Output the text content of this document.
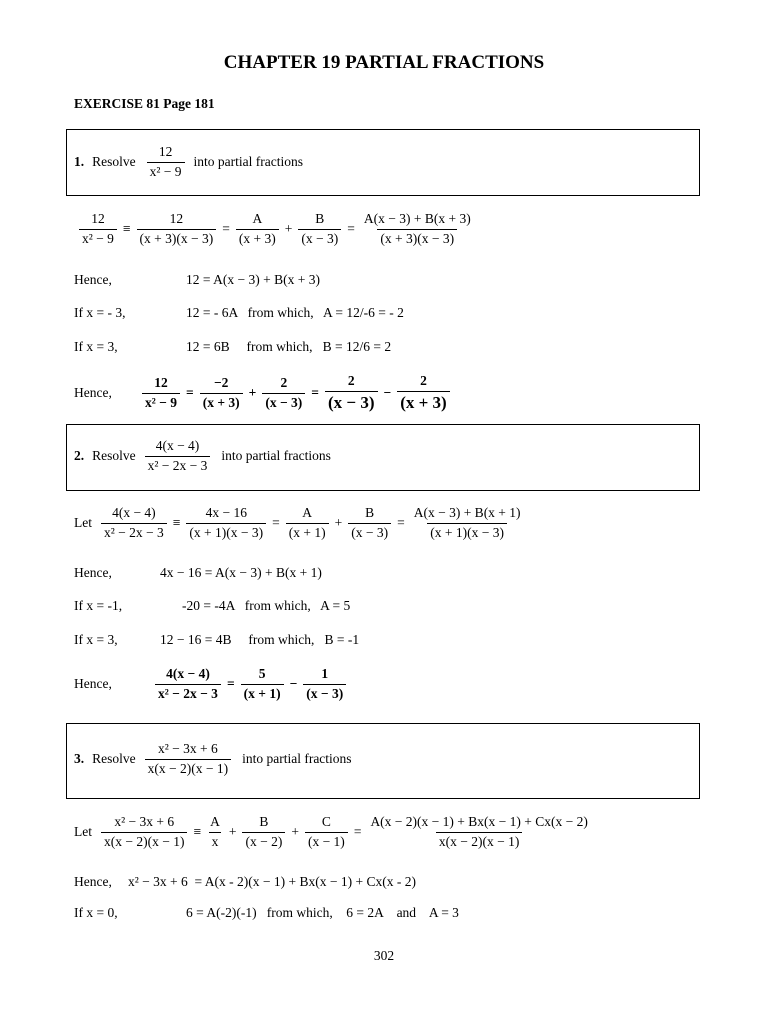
CHAPTER 19 PARTIAL FRACTIONS
EXERCISE 81 Page 181
1. Resolve $\frac{12}{\text{x² − 9}}$ into partial fractions
$\frac{12}{\text{x² − 9}} \equiv \frac{12}{(x + 3)(x - 3)} = \frac{A}{(x + 3)} + \frac{B}{(x - 3)} = \frac{A(x - 3) + B(x + 3)}{(x + 3)(x - 3)}$
Hence,	12 = A(x − 3) + B(x + 3)
If x = - 3,	12 = - 6A   from which,   A = 12/-6 = - 2
If x = 3,	12 = 6B     from which,   B = 12/6 = 2
Hence,	$\frac{12}{\text{x² − 9}} = \frac{-2}{(x + 3)} + \frac{2}{(x - 3)} = \frac{2}{(x - 3)} - \frac{2}{(x + 3)}$
2. Resolve $\frac{4(x - 4)}{\text{x² − 2x − 3}}$ into partial fractions
Let $\frac{4(x - 4)}{\text{x² − 2x − 3}} \equiv \frac{4x - 16}{(x + 1)(x - 3)} = \frac{A}{(x + 1)} + \frac{B}{(x - 3)} = \frac{A(x - 3) + B(x + 1)}{(x + 1)(x - 3)}$
Hence,	4x − 16 = A(x − 3) + B(x + 1)
If x = -1,	-20 = -4A   from which,   A = 5
If x = 3,	12 − 16 = 4B     from which,   B = -1
Hence,	$\frac{4(x - 4)}{\text{x² − 2x − 3}} = \frac{5}{(x + 1)} - \frac{1}{(x - 3)}$
3. Resolve $\frac{\text{x² − 3x + 6}}{x(x - 2)(x - 1)}$ into partial fractions
Let $\frac{\text{x² − 3x + 6}}{x(x - 2)(x - 1)} \equiv \frac{A}{x} + \frac{B}{(x - 2)} + \frac{C}{(x - 1)} = \frac{A(x - 2)(x - 1) + Bx(x - 1) + Cx(x - 2)}{x(x - 2)(x - 1)}$
Hence,	x² − 3x + 6  = A(x - 2)(x − 1) + Bx(x − 1) + Cx(x - 2)
If x = 0,	6 = A(-2)(-1)   from which,    6 = 2A    and    A = 3
302
